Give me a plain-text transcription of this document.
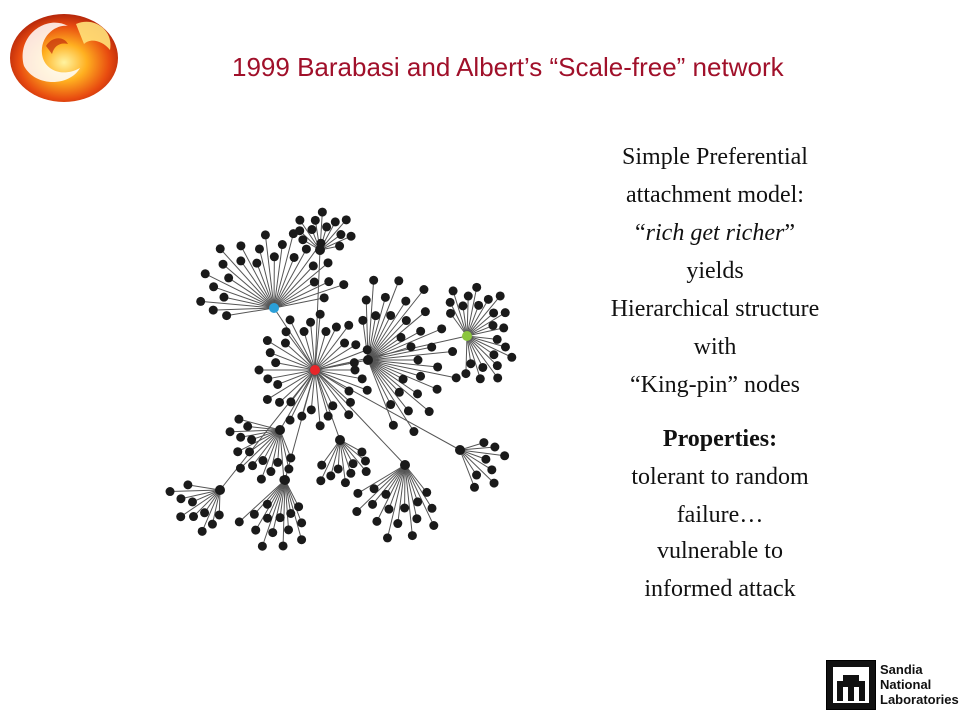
1999 Barabasi and Albert’s “Scale-free” network
Simple Preferential
attachment model:
“rich get richer”
yields
Hierarchical structure
with
“King-pin” nodes
Properties:
tolerant to random
failure…
vulnerable to
informed attack
Sandia
National
Laboratories
